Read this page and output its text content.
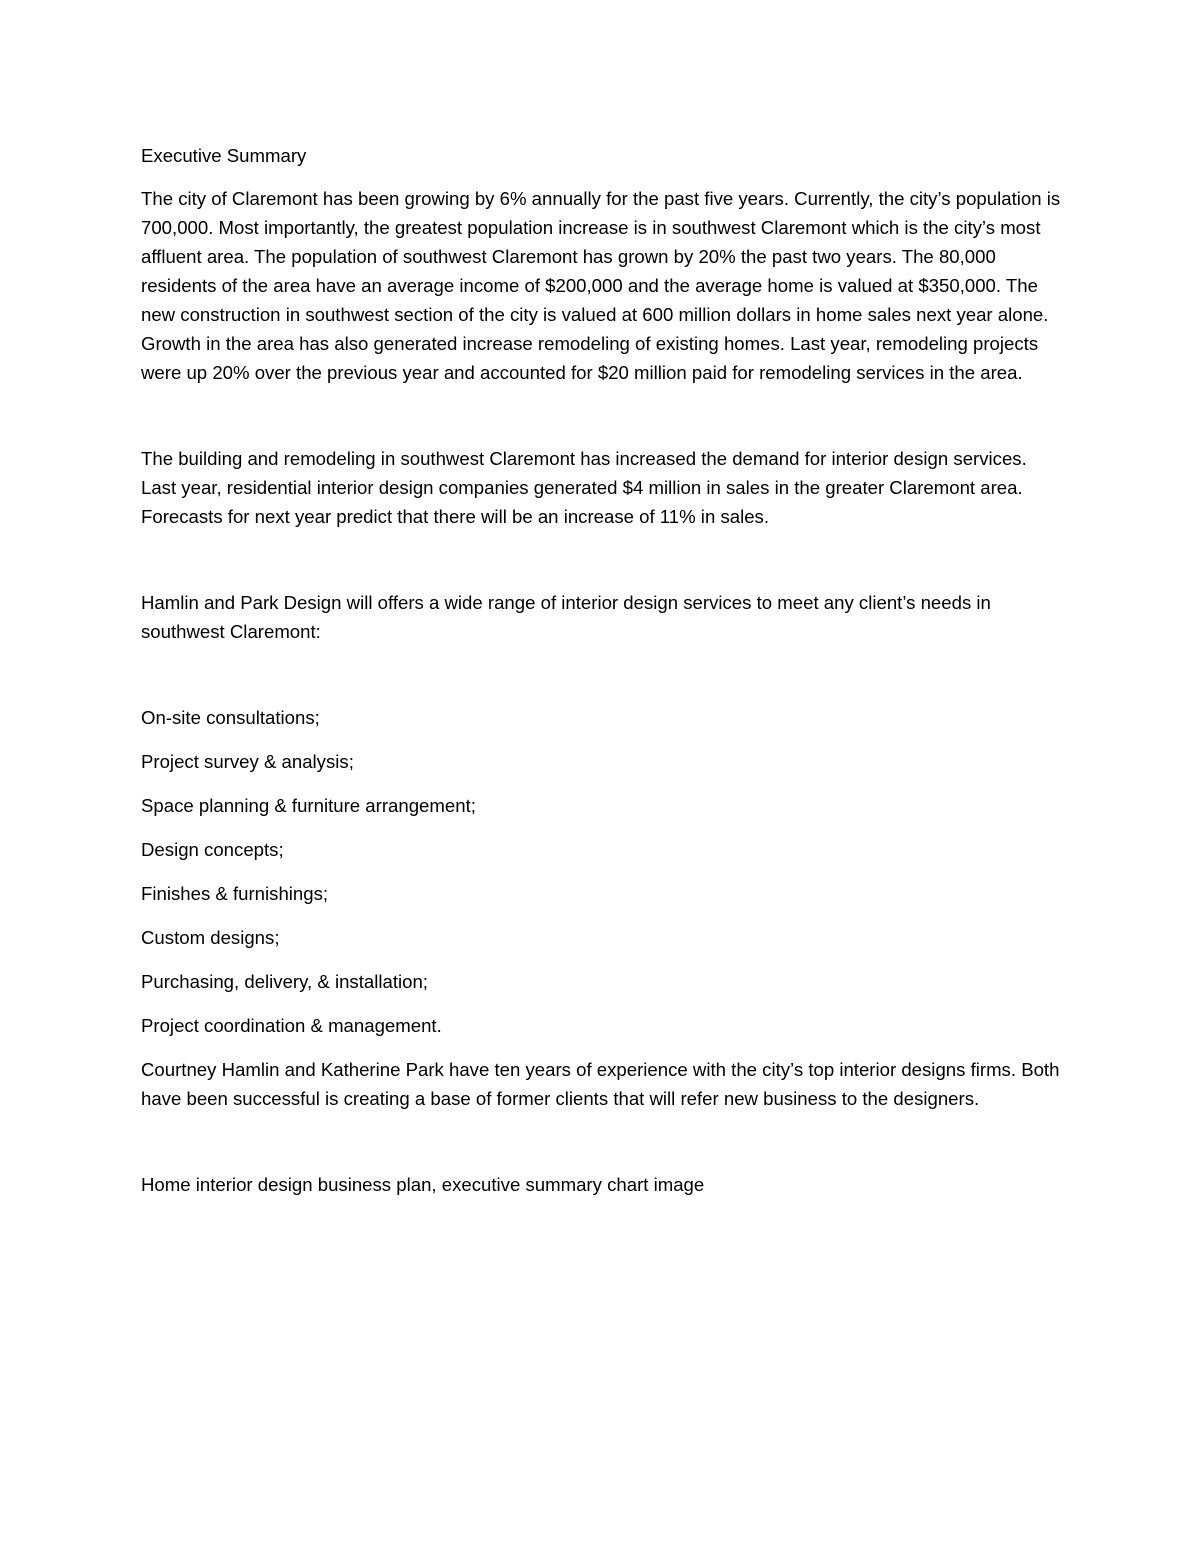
Executive Summary

The city of Claremont has been growing by 6% annually for the past five years. Currently, the city’s population is 700,000. Most importantly, the greatest population increase is in southwest Claremont which is the city’s most affluent area. The population of southwest Claremont has grown by 20% the past two years. The 80,000 residents of the area have an average income of $200,000 and the average home is valued at $350,000. The new construction in southwest section of the city is valued at 600 million dollars in home sales next year alone. Growth in the area has also generated increase remodeling of existing homes. Last year, remodeling projects were up 20% over the previous year and accounted for $20 million paid for remodeling services in the area.

The building and remodeling in southwest Claremont has increased the demand for interior design services. Last year, residential interior design companies generated $4 million in sales in the greater Claremont area. Forecasts for next year predict that there will be an increase of 11% in sales.

Hamlin and Park Design will offers a wide range of interior design services to meet any client’s needs in southwest Claremont:

On-site consultations;
Project survey & analysis;
Space planning & furniture arrangement;
Design concepts;
Finishes & furnishings;
Custom designs;
Purchasing, delivery, & installation;
Project coordination & management.

Courtney Hamlin and Katherine Park have ten years of experience with the city’s top interior designs firms. Both have been successful is creating a base of former clients that will refer new business to the designers.

Home interior design business plan, executive summary chart image
